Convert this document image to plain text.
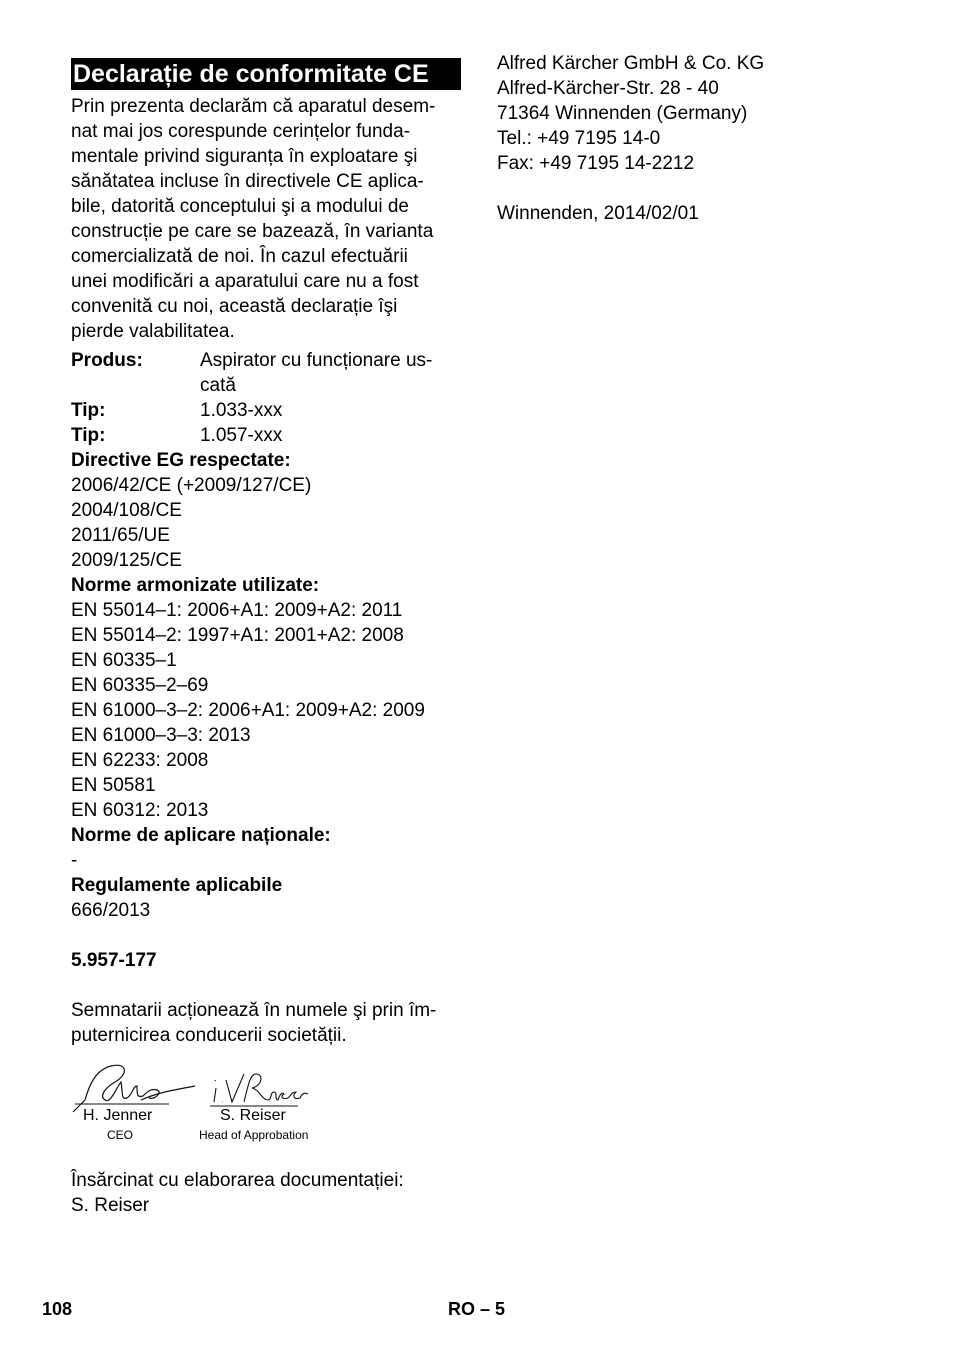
Declarație de conformitate CE
Prin prezenta declarăm că aparatul desem-
nat mai jos corespunde cerințelor funda-
mentale privind siguranța în exploatare şi
sănătatea incluse în directivele CE aplica-
bile, datorită conceptului şi a modului de
construcție pe care se bazează, în varianta
comercializată de noi. În cazul efectuării
unei modificări a aparatului care nu a fost
convenită cu noi, această declarație îşi
pierde valabilitatea.
Produs:	Aspirator cu funcționare us-
cată
Tip:	1.033-xxx
Tip:	1.057-xxx
Directive EG respectate:
2006/42/CE (+2009/127/CE)
2004/108/CE
2011/65/UE
2009/125/CE
Norme armonizate utilizate:
EN 55014–1: 2006+A1: 2009+A2: 2011
EN 55014–2: 1997+A1: 2001+A2: 2008
EN 60335–1
EN 60335–2–69
EN 61000–3–2: 2006+A1: 2009+A2: 2009
EN 61000–3–3: 2013
EN 62233: 2008
EN 50581
EN 60312: 2013
Norme de aplicare naționale:
-
Regulamente aplicabile
666/2013
5.957-177
Semnatarii acționează în numele şi prin îm-
puternicirea conducerii societății.
H. Jenner
CEO
S. Reiser
Head of Approbation
Însărcinat cu elaborarea documentației:
S. Reiser
Alfred Kärcher GmbH & Co. KG
Alfred-Kärcher-Str. 28 - 40
71364 Winnenden (Germany)
Tel.: +49 7195 14-0
Fax: +49 7195 14-2212
Winnenden, 2014/02/01
108	RO – 5
